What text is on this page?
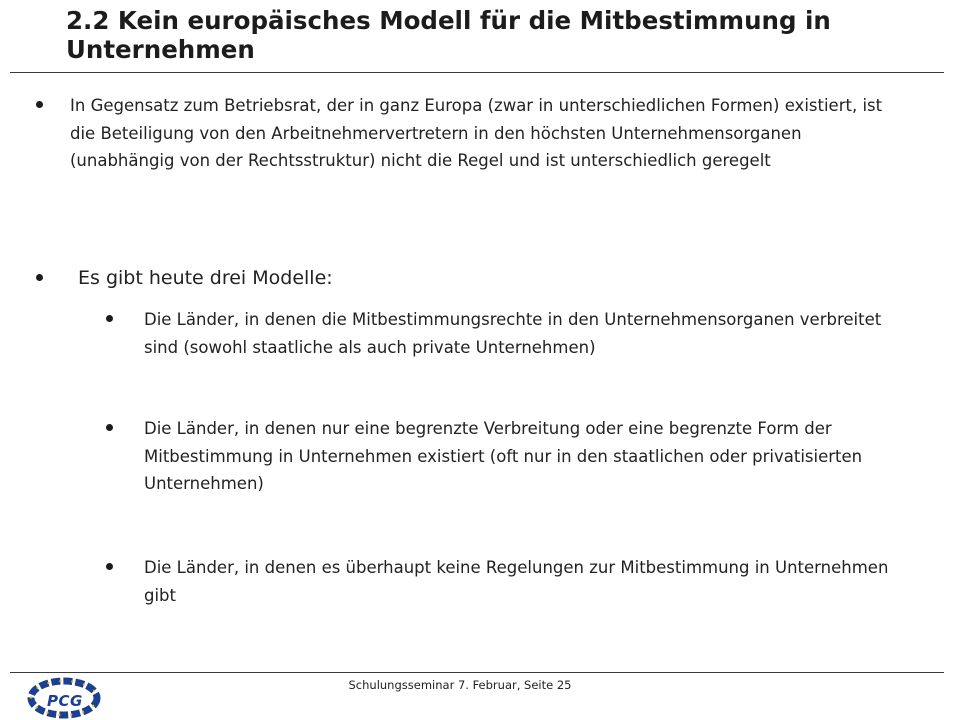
2.2 Kein europäisches Modell für die Mitbestimmung in Unternehmen

In Gegensatz zum Betriebsrat, der in ganz Europa (zwar in unterschiedlichen Formen) existiert, ist die Beteiligung von den Arbeitnehmervertretern in den höchsten Unternehmensorganen (unabhängig von der Rechtsstruktur) nicht die Regel und ist unterschiedlich geregelt

Es gibt heute drei Modelle:

Die Länder, in denen die Mitbestimmungsrechte in den Unternehmensorganen verbreitet sind (sowohl staatliche als auch private Unternehmen)

Die Länder, in denen nur eine begrenzte Verbreitung oder eine begrenzte Form der Mitbestimmung in Unternehmen existiert (oft nur in den staatlichen oder privatisierten Unternehmen)

Die Länder, in denen es überhaupt keine Regelungen zur Mitbestimmung in Unternehmen gibt

Schulungsseminar 7. Februar, Seite 25

PCG
